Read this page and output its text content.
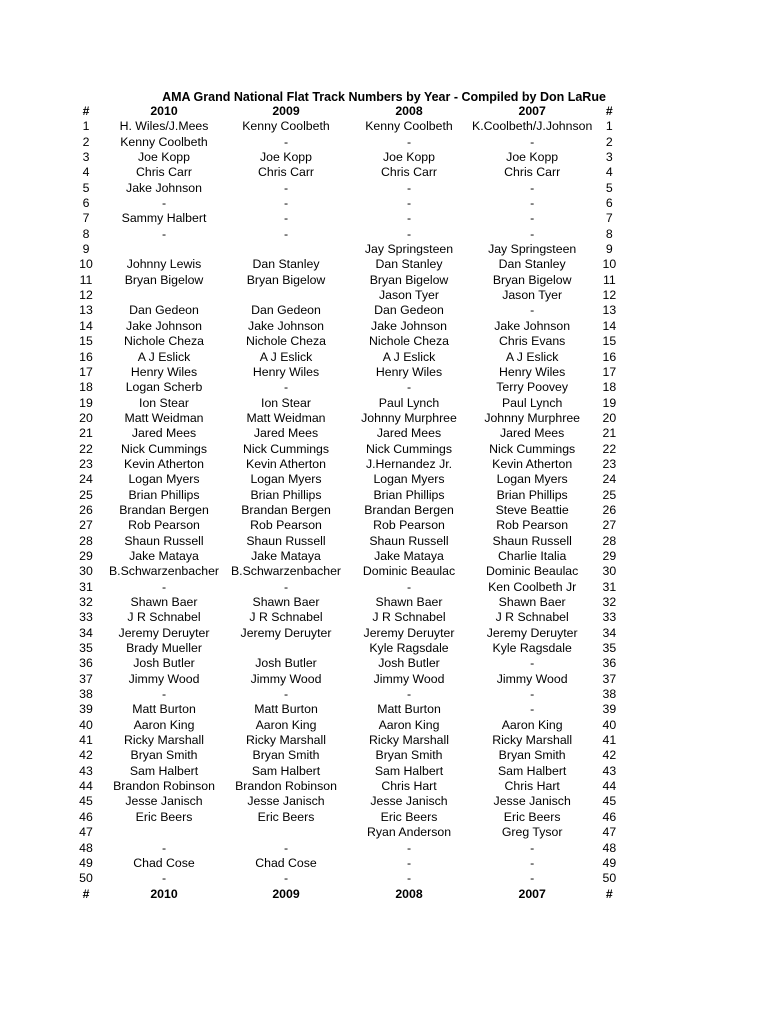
AMA Grand National Flat Track Numbers by Year - Compiled by Don LaRue
#	2010	2009	2008	2007	#
1	H. Wiles/J.Mees	Kenny Coolbeth	Kenny Coolbeth	K.Coolbeth/J.Johnson	1
2	Kenny Coolbeth	-	-	-	2
3	Joe Kopp	Joe Kopp	Joe Kopp	Joe Kopp	3
4	Chris Carr	Chris Carr	Chris Carr	Chris Carr	4
5	Jake Johnson	-	-	-	5
6	-	-	-	-	6
7	Sammy Halbert	-	-	-	7
8	-	-	-	-	8
9			Jay Springsteen	Jay Springsteen	9
10	Johnny Lewis	Dan Stanley	Dan Stanley	Dan Stanley	10
11	Bryan Bigelow	Bryan Bigelow	Bryan Bigelow	Bryan Bigelow	11
12			Jason Tyer	Jason Tyer	12
13	Dan Gedeon	Dan Gedeon	Dan Gedeon	-	13
14	Jake Johnson	Jake Johnson	Jake Johnson	Jake Johnson	14
15	Nichole Cheza	Nichole Cheza	Nichole Cheza	Chris Evans	15
16	A J Eslick	A J Eslick	A J Eslick	A J Eslick	16
17	Henry Wiles	Henry Wiles	Henry Wiles	Henry Wiles	17
18	Logan Scherb	-	-	Terry Poovey	18
19	Ion Stear	Ion Stear	Paul Lynch	Paul Lynch	19
20	Matt Weidman	Matt Weidman	Johnny Murphree	Johnny Murphree	20
21	Jared Mees	Jared Mees	Jared Mees	Jared Mees	21
22	Nick Cummings	Nick Cummings	Nick Cummings	Nick Cummings	22
23	Kevin Atherton	Kevin Atherton	J.Hernandez Jr.	Kevin Atherton	23
24	Logan Myers	Logan Myers	Logan Myers	Logan Myers	24
25	Brian Phillips	Brian Phillips	Brian Phillips	Brian Phillips	25
26	Brandan Bergen	Brandan Bergen	Brandan Bergen	Steve Beattie	26
27	Rob Pearson	Rob Pearson	Rob Pearson	Rob Pearson	27
28	Shaun Russell	Shaun Russell	Shaun Russell	Shaun Russell	28
29	Jake Mataya	Jake Mataya	Jake Mataya	Charlie Italia	29
30	B.Schwarzenbacher	B.Schwarzenbacher	Dominic Beaulac	Dominic Beaulac	30
31	-	-	-	Ken Coolbeth Jr	31
32	Shawn Baer	Shawn Baer	Shawn Baer	Shawn Baer	32
33	J R Schnabel	J R Schnabel	J R Schnabel	J R Schnabel	33
34	Jeremy Deruyter	Jeremy Deruyter	Jeremy Deruyter	Jeremy Deruyter	34
35	Brady Mueller		Kyle Ragsdale	Kyle Ragsdale	35
36	Josh Butler	Josh Butler	Josh Butler	-	36
37	Jimmy Wood	Jimmy Wood	Jimmy Wood	Jimmy Wood	37
38	-	-	-	-	38
39	Matt Burton	Matt Burton	Matt Burton	-	39
40	Aaron King	Aaron King	Aaron King	Aaron King	40
41	Ricky Marshall	Ricky Marshall	Ricky Marshall	Ricky Marshall	41
42	Bryan Smith	Bryan Smith	Bryan Smith	Bryan Smith	42
43	Sam Halbert	Sam Halbert	Sam Halbert	Sam Halbert	43
44	Brandon Robinson	Brandon Robinson	Chris Hart	Chris Hart	44
45	Jesse Janisch	Jesse Janisch	Jesse Janisch	Jesse Janisch	45
46	Eric Beers	Eric Beers	Eric Beers	Eric Beers	46
47			Ryan Anderson	Greg Tysor	47
48	-	-	-	-	48
49	Chad Cose	Chad Cose	-	-	49
50	-	-	-	-	50
#	2010	2009	2008	2007	#
